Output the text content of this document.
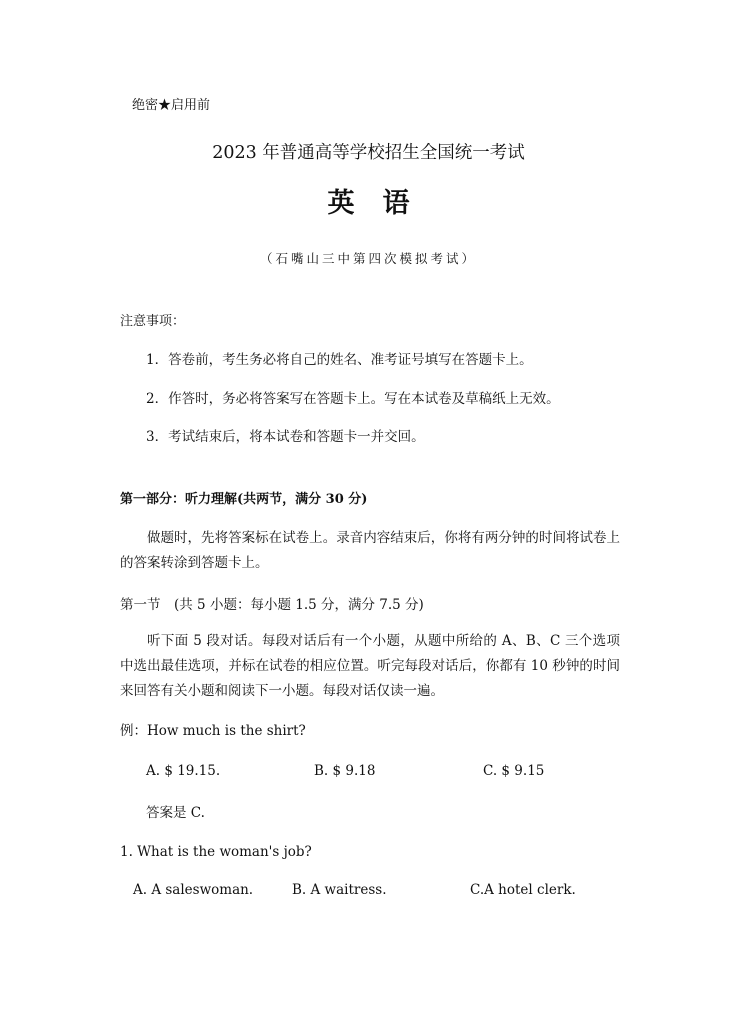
绝密★启用前
2023 年普通高等学校招生全国统一考试
英语
（石嘴山三中第四次模拟考试）
注意事项：
1．答卷前，考生务必将自己的姓名、准考证号填写在答题卡上。
2．作答时，务必将答案写在答题卡上。写在本试卷及草稿纸上无效。
3．考试结束后，将本试卷和答题卡一并交回。
第一部分：听力理解(共两节，满分 30 分)
做题时，先将答案标在试卷上。录音内容结束后，你将有两分钟的时间将试卷上的答案转涂到答题卡上。
第一节　(共 5 小题：每小题 1.5 分，满分 7.5 分)
听下面 5 段对话。每段对话后有一个小题，从题中所给的 A、B、C 三个选项中选出最佳选项，并标在试卷的相应位置。听完每段对话后，你都有 10 秒钟的时间来回答有关小题和阅读下一小题。每段对话仅读一遍。
例：How much is the shirt?
A. $ 19.15.	B. $ 9.18	C. $ 9.15
答案是 C.
1. What is the woman's job?
A. A saleswoman.	B. A waitress.	C.A hotel clerk.
